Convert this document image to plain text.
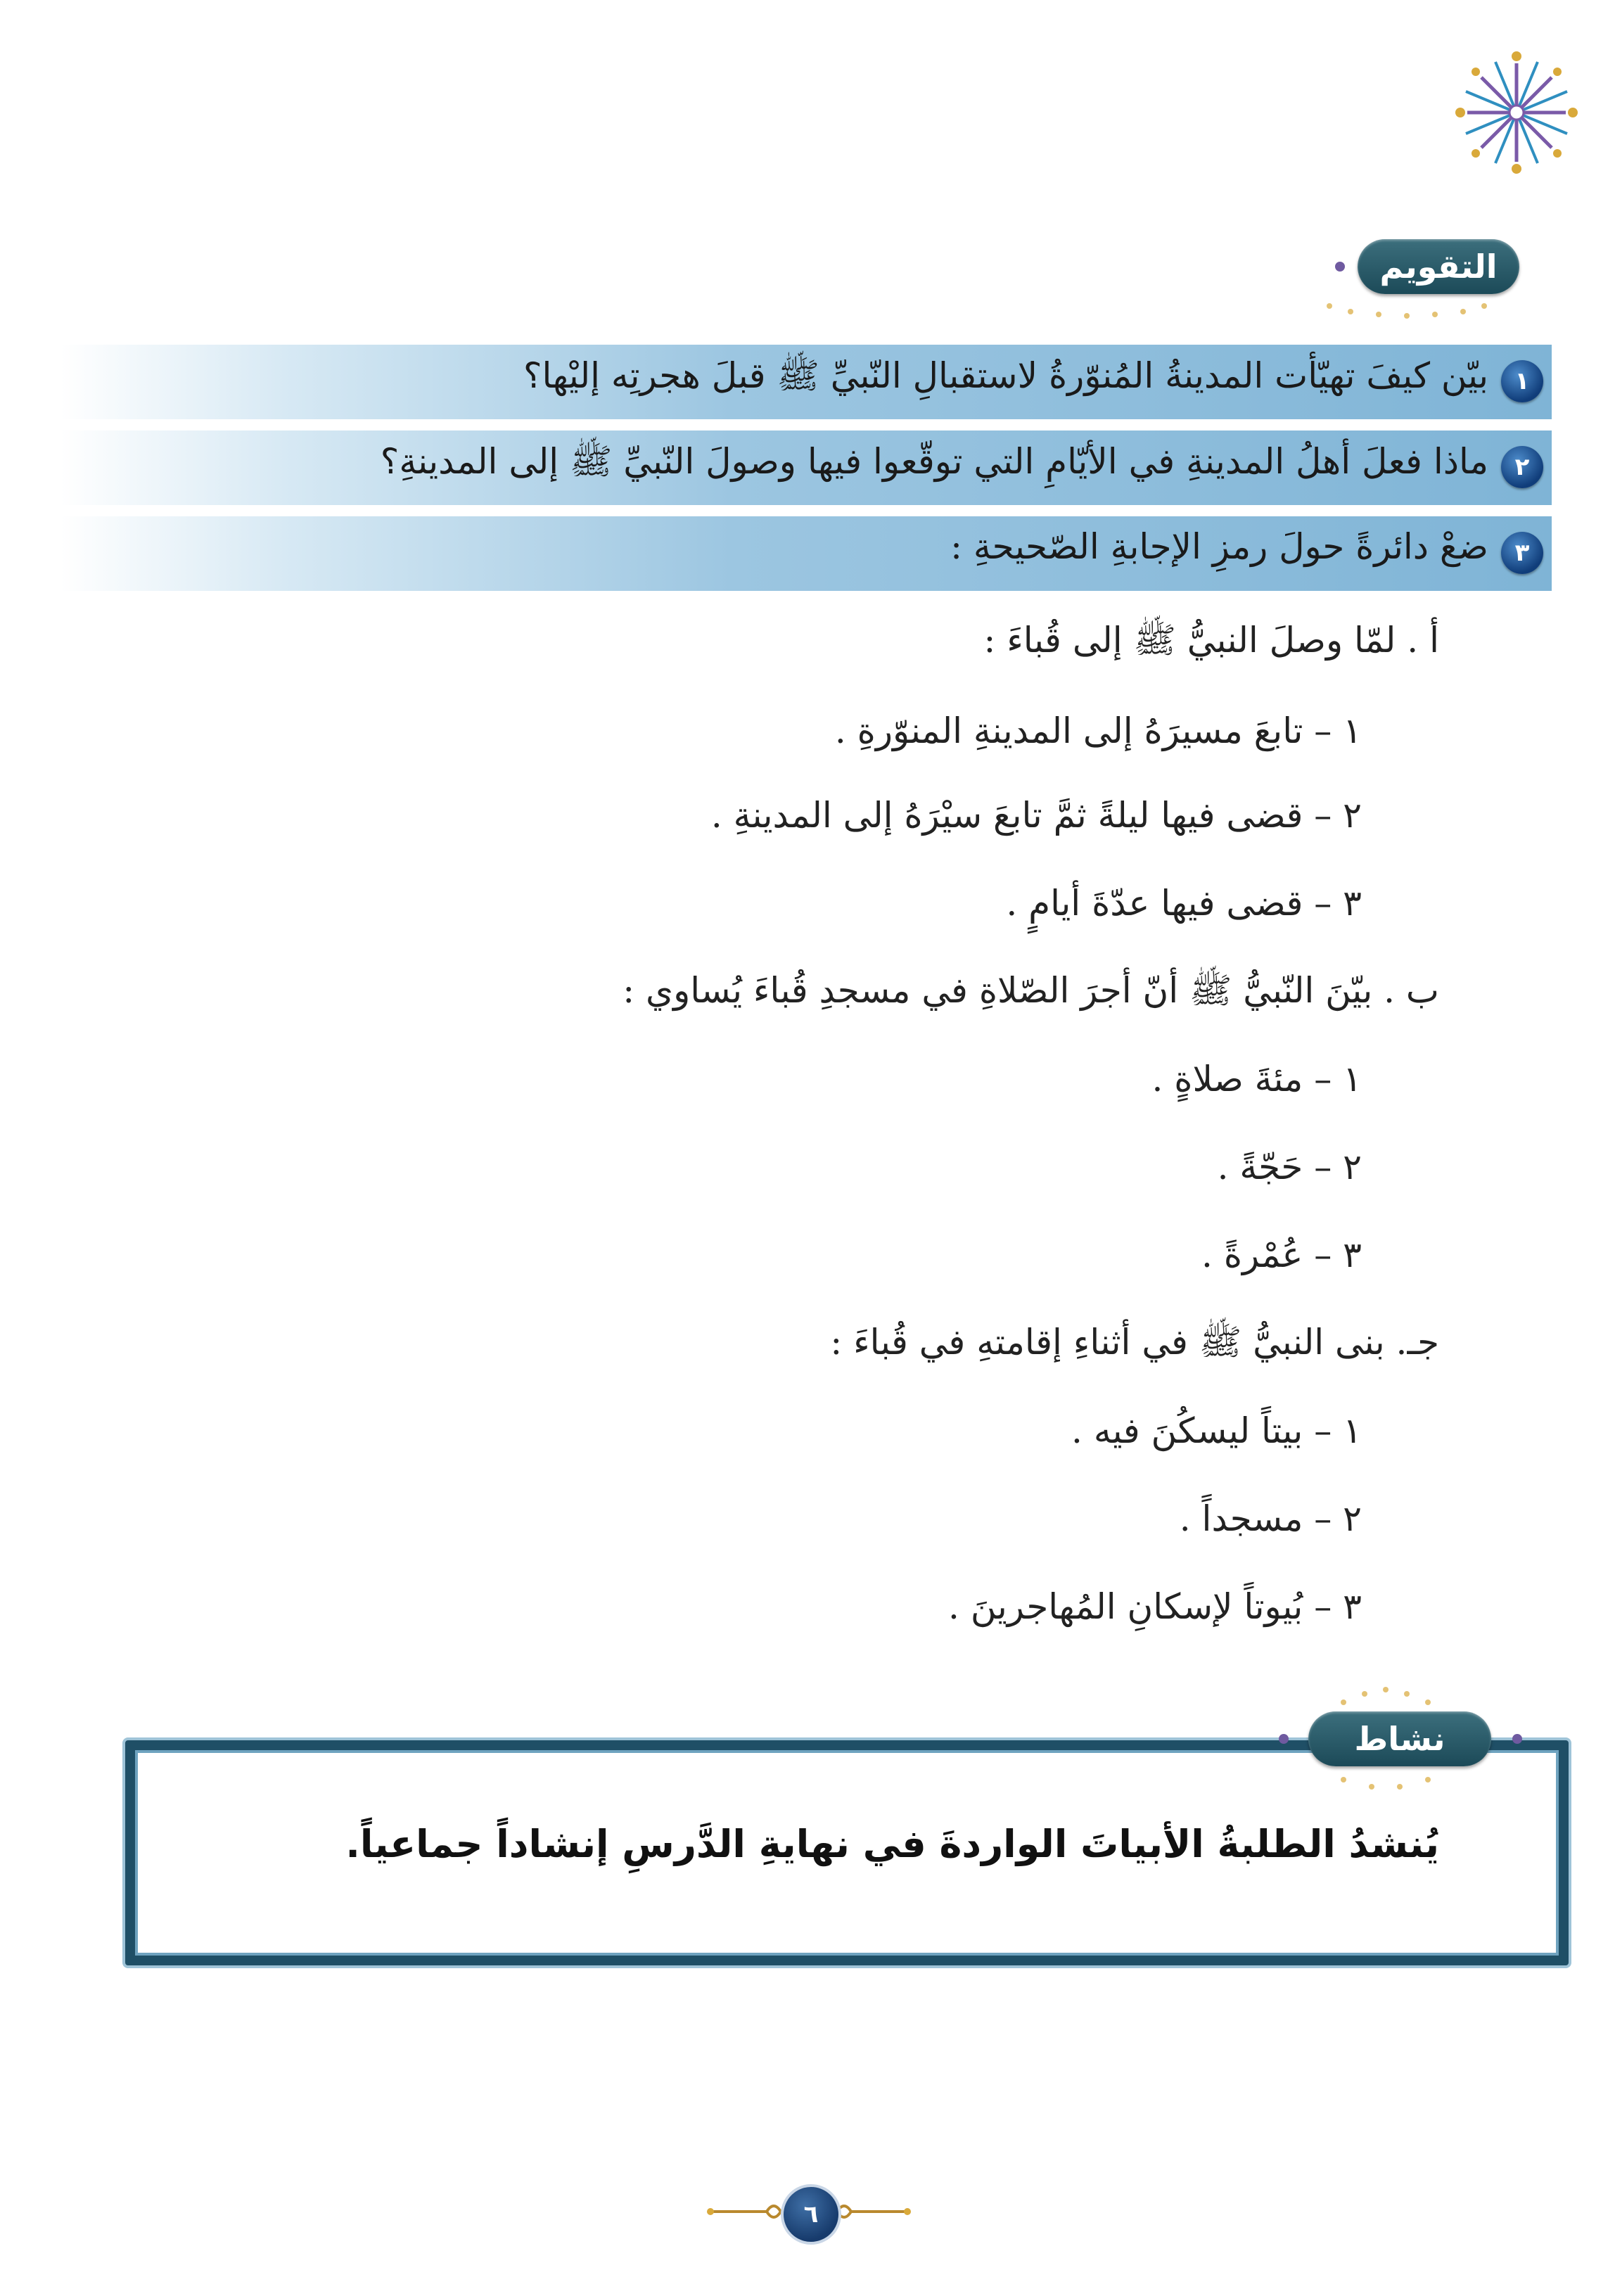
التقويم
١
بيّن كيفَ تهيّأت المدينةُ المُنوّرةُ لاستقبالِ النّبيِّ ﷺ قبلَ هجرتِه إليْها؟
٢
ماذا فعلَ أهلُ المدينةِ في الأيّامِ التي توقّعوا فيها وصولَ النّبيِّ ﷺ إلى المدينةِ؟
٣
ضعْ دائرةً حولَ رمزِ الإجابةِ الصّحيحةِ :
أ . لمّا وصلَ النبيُّ ﷺ إلى قُباءَ :
١ – تابعَ مسيرَهُ إلى المدينةِ المنوّرةِ .
٢ – قضى فيها ليلةً ثمَّ تابعَ سيْرَهُ إلى المدينةِ .
٣ – قضى فيها عدّةَ أيامٍ .
ب . بيّنَ النّبيُّ ﷺ أنّ أجرَ الصّلاةِ في مسجدِ قُباءَ يُساوي :
١ – مئةَ صلاةٍ .
٢ – حَجّةً .
٣ – عُمْرةً .
جـ. بنى النبيُّ ﷺ في أثناءِ إقامتهِ في قُباءَ :
١ – بيتاً ليسكُنَ فيه .
٢ – مسجداً .
٣ – بُيوتاً لإسكانِ المُهاجرينَ .
نشاط
يُنشدُ الطلبةُ الأبياتَ الواردةَ في نهايةِ الدَّرسِ إنشاداً جماعياً.
٦
